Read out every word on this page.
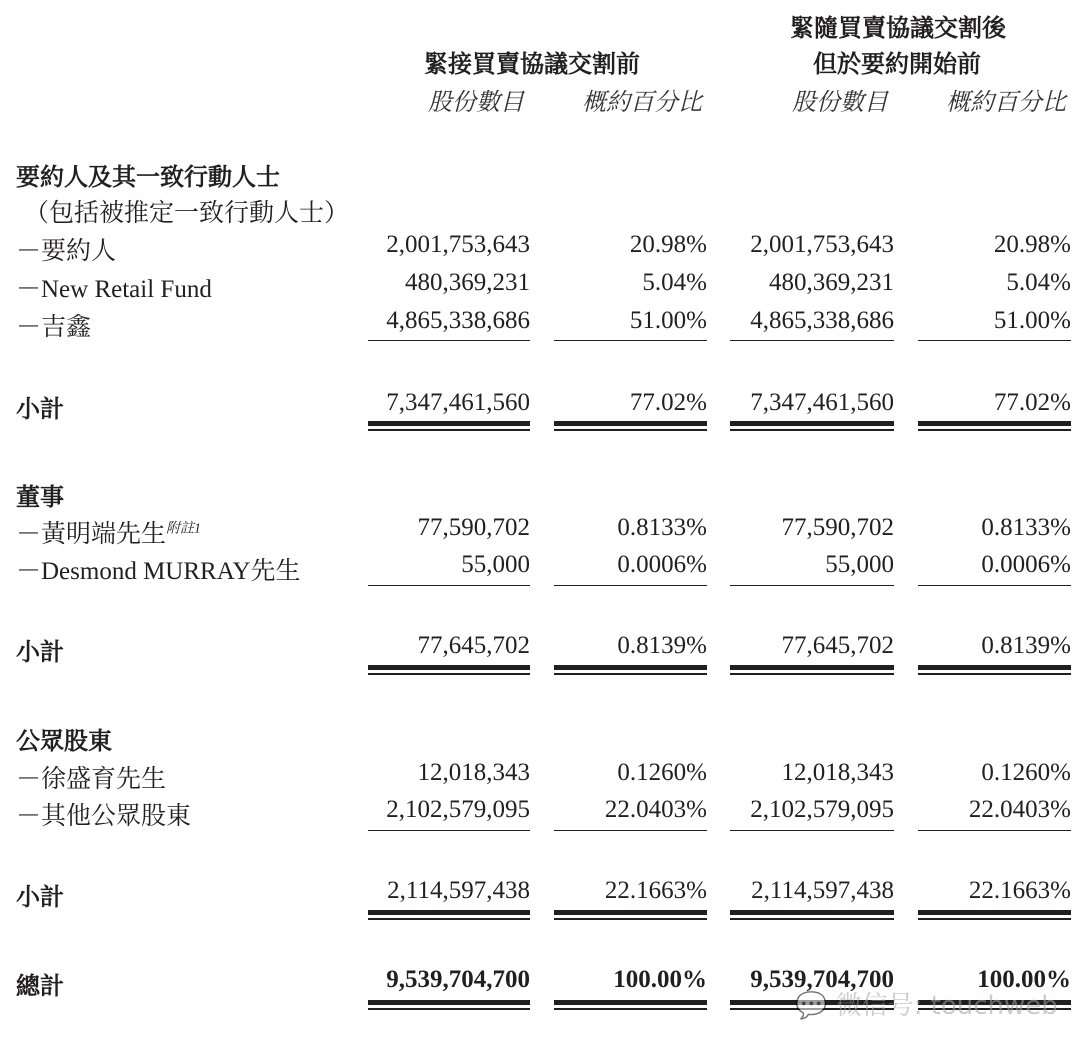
緊接買賣協議交割前
緊隨買賣協議交割後
但於要約開始前
股份數目 概約百分比	股份數目 概約百分比
要約人及其一致行動人士
（包括被推定一致行動人士）
－要約人	2,001,753,643	20.98% 2,001,753,643	20.98%
－New Retail Fund	480,369,231	5.04% 480,369,231	5.04%
－吉鑫	4,865,338,686	51.00% 4,865,338,686	51.00%
小計	7,347,461,560	77.02% 7,347,461,560	77.02%
董事
－黃明端先生$^{附註1}$	77,590,702	0.8133%	77,590,702	0.8133%
－Desmond MURRAY先生	55,000	0.0006%	55,000	0.0006%
小計	77,645,702	0.8139%	77,645,702	0.8139%
公眾股東
－徐盛育先生	12,018,343	0.1260%	12,018,343	0.1260%
－其他公眾股東	2,102,579,095	22.0403% 2,102,579,095	22.0403%
小計	2,114,597,438	22.1663% 2,114,597,438	22.1663%
總計	9,539,704,700	100.00% 9,539,704,700	100.00%
💬 微信号: touchweb
